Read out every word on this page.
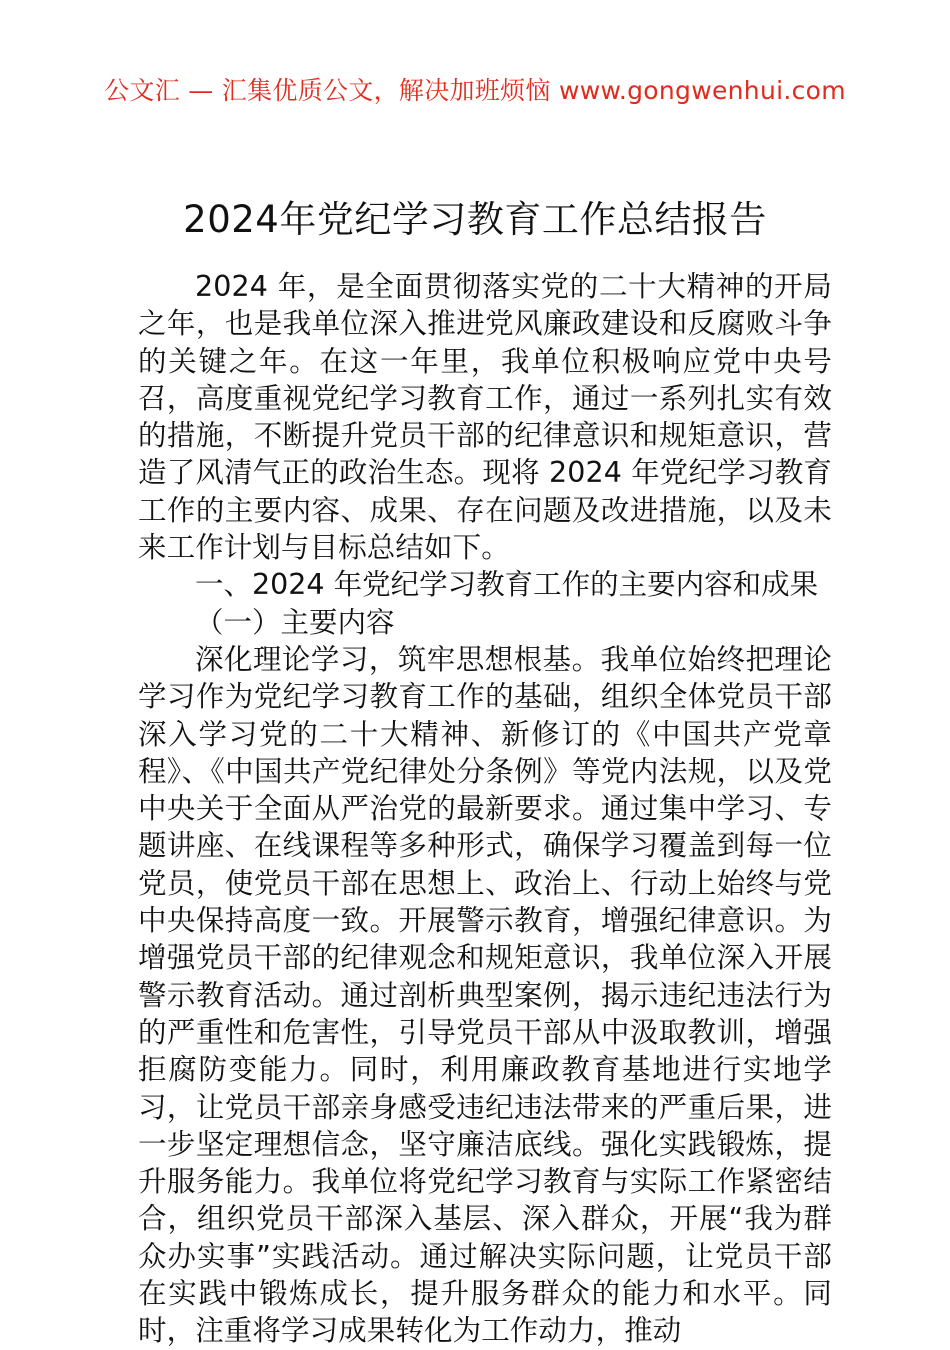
公文汇 — 汇集优质公文，解决加班烦恼 www.gongwenhui.com
2024年党纪学习教育工作总结报告

2024 年，是全面贯彻落实党的二十大精神的开局之年，也是我单位深入推进党风廉政建设和反腐败斗争的关键之年。在这一年里，我单位积极响应党中央号召，高度重视党纪学习教育工作，通过一系列扎实有效的措施，不断提升党员干部的纪律意识和规矩意识，营造了风清气正的政治生态。现将 2024 年党纪学习教育工作的主要内容、成果、存在问题及改进措施，以及未来工作计划与目标总结如下。

一、2024 年党纪学习教育工作的主要内容和成果

（一）主要内容

深化理论学习，筑牢思想根基。我单位始终把理论学习作为党纪学习教育工作的基础，组织全体党员干部深入学习党的二十大精神、新修订的《中国共产党章程》、《中国共产党纪律处分条例》等党内法规，以及党中央关于全面从严治党的最新要求。通过集中学习、专题讲座、在线课程等多种形式，确保学习覆盖到每一位党员，使党员干部在思想上、政治上、行动上始终与党中央保持高度一致。开展警示教育，增强纪律意识。为增强党员干部的纪律观念和规矩意识，我单位深入开展警示教育活动。通过剖析典型案例，揭示违纪违法行为的严重性和危害性，引导党员干部从中汲取教训，增强拒腐防变能力。同时，利用廉政教育基地进行实地学习，让党员干部亲身感受违纪违法带来的严重后果，进一步坚定理想信念，坚守廉洁底线。强化实践锻炼，提升服务能力。我单位将党纪学习教育与实际工作紧密结合，组织党员干部深入基层、深入群众，开展“我为群众办实事”实践活动。通过解决实际问题，让党员干部在实践中锻炼成长，提升服务群众的能力和水平。同时，注重将学习成果转化为工作动力，推动
